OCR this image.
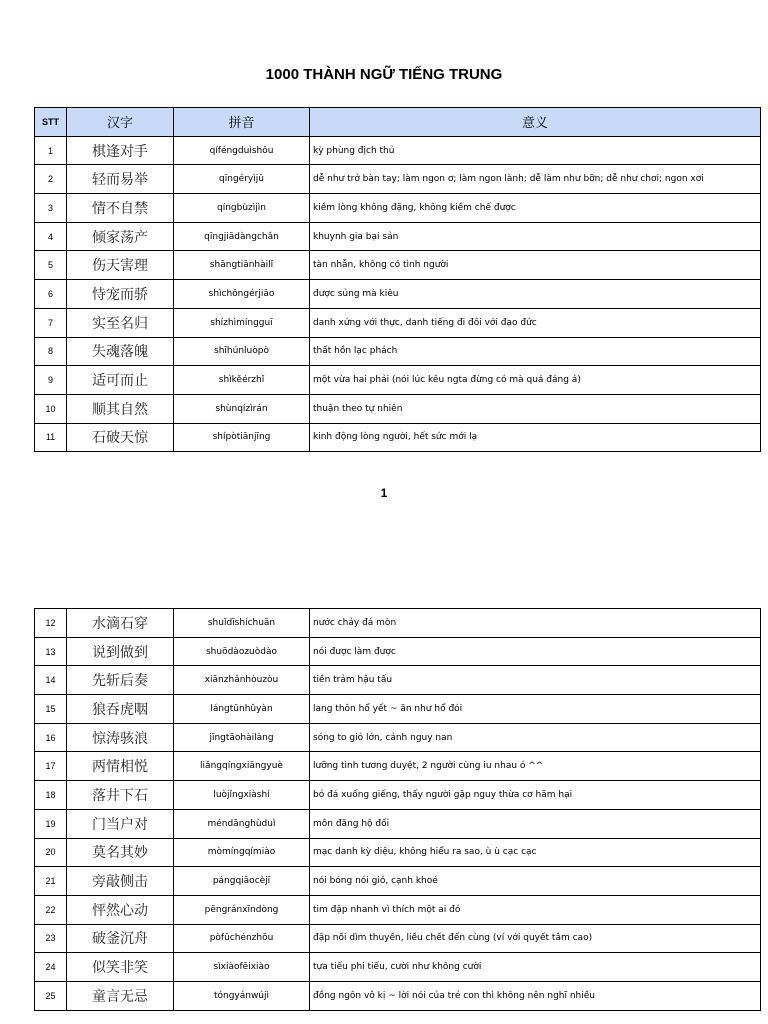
1000 THÀNH NGỮ TIẾNG TRUNG
STT	汉字	拼音	意义
1	棋逢对手	qíféngduìshǒu	kỳ phùng địch thủ
2	轻而易举	qīngéryìjǔ	dễ như trở bàn tay; làm ngon ơ; làm ngon lành; dễ làm như bỡn; dễ như chơi; ngon xơi
3	情不自禁	qíngbùzìjìn	kiềm lòng không đặng, không kiềm chế được
4	倾家荡产	qīngjiādàngchǎn	khuynh gia bại sản
5	伤天害理	shāngtiānhàilǐ	tàn nhẫn, không có tình người
6	恃宠而骄	shìchǒngérjiāo	được sủng mà kiêu
7	实至名归	shízhìmíngguī	danh xứng với thực, danh tiếng đi đôi với đạo đức
8	失魂落魄	shīhúnluòpò	thất hồn lạc phách
9	适可而止	shìkěérzhǐ	một vừa hai phải (nói lúc kêu ngta đừng có mà quá đáng á)
10	顺其自然	shùnqízìrán	thuận theo tự nhiên
11	石破天惊	shípòtiānjīng	kinh động lòng người, hết sức mới lạ
1
12	水滴石穿	shuǐdīshíchuān	nước chảy đá mòn
13	说到做到	shuōdàozuòdào	nói được làm được
14	先斩后奏	xiānzhǎnhòuzòu	tiền trảm hậu tấu
15	狼吞虎咽	lángtūnhǔyàn	lang thôn hổ yết ~ ăn như hổ đói
16	惊涛骇浪	jīngtāohàilàng	sóng to gió lớn, cảnh nguy nan
17	两情相悦	liǎngqíngxiāngyuè	lưỡng tình tương duyệt, 2 người cùng iu nhau ó ^^
18	落井下石	luòjǐngxiàshí	bỏ đá xuống giếng, thấy người gặp nguy thừa cơ hãm hại
19	门当户对	méndānghùduì	môn đăng hộ đối
20	莫名其妙	mòmíngqímiào	mạc danh kỳ diệu, không hiểu ra sao, ù ù cạc cạc
21	旁敲侧击	pángqiāocèjī	nói bóng nói gió, cạnh khoé
22	怦然心动	pēngránxīndòng	tim đập nhanh vì thích một ai đó
23	破釜沉舟	pòfǔchénzhōu	đập nồi dìm thuyền, liều chết đến cùng (ví với quyết tâm cao)
24	似笑非笑	sìxiàofēixiào	tựa tiếu phi tiếu, cười như không cười
25	童言无忌	tóngyánwújì	đồng ngôn vô kị ~ lời nói của trẻ con thì không nên nghĩ nhiều
